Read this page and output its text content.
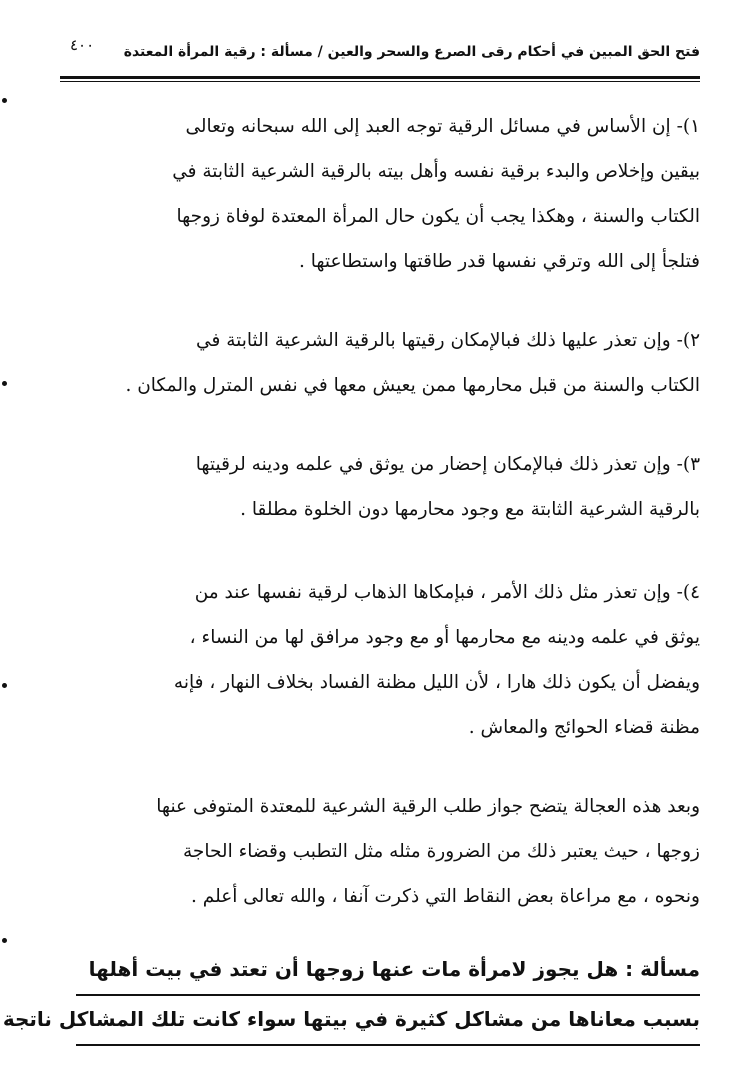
فتح الحق المبين في أحكام رقى الصرع والسحر والعين / مسألة : رقية المرأة المعتدة
٤٠٠
١)- إن الأساس في مسائل الرقية توجه العبد إلى الله سبحانه وتعالى
بيقين وإخلاص والبدء برقية نفسه وأهل بيته بالرقية الشرعية الثابتة في
الكتاب والسنة ، وهكذا يجب أن يكون حال المرأة المعتدة لوفاة زوجها
فتلجأ إلى الله وترقي نفسها قدر طاقتها واستطاعتها .
٢)- وإن تعذر عليها ذلك فبالإمكان رقيتها بالرقية الشرعية الثابتة في
الكتاب والسنة من قبل محارمها ممن يعيش معها في نفس المترل والمكان .
٣)- وإن تعذر ذلك فبالإمكان إحضار من يوثق في علمه ودينه لرقيتها
بالرقية الشرعية الثابتة مع وجود محارمها دون الخلوة مطلقا .
٤)- وإن تعذر مثل ذلك الأمر ، فبإمكاها الذهاب لرقية نفسها عند من
يوثق في علمه ودينه مع محارمها أو مع وجود مرافق لها من النساء ،
ويفضل أن يكون ذلك هارا ، لأن الليل مظنة الفساد بخلاف النهار ، فإنه
مظنة قضاء الحوائج والمعاش .
وبعد هذه العجالة يتضح جواز طلب الرقية الشرعية للمعتدة المتوفى عنها
زوجها ، حيث يعتبر ذلك من الضرورة مثله مثل التطبب وقضاء الحاجة
ونحوه ، مع مراعاة بعض النقاط التي ذكرت آنفا ، والله تعالى أعلم .
مسألة : هل يجوز لامرأة مات عنها زوجها أن تعتد في بيت أهلها
بسبب معاناها من مشاكل كثيرة في بيتها سواء كانت تلك المشاكل ناتجة
